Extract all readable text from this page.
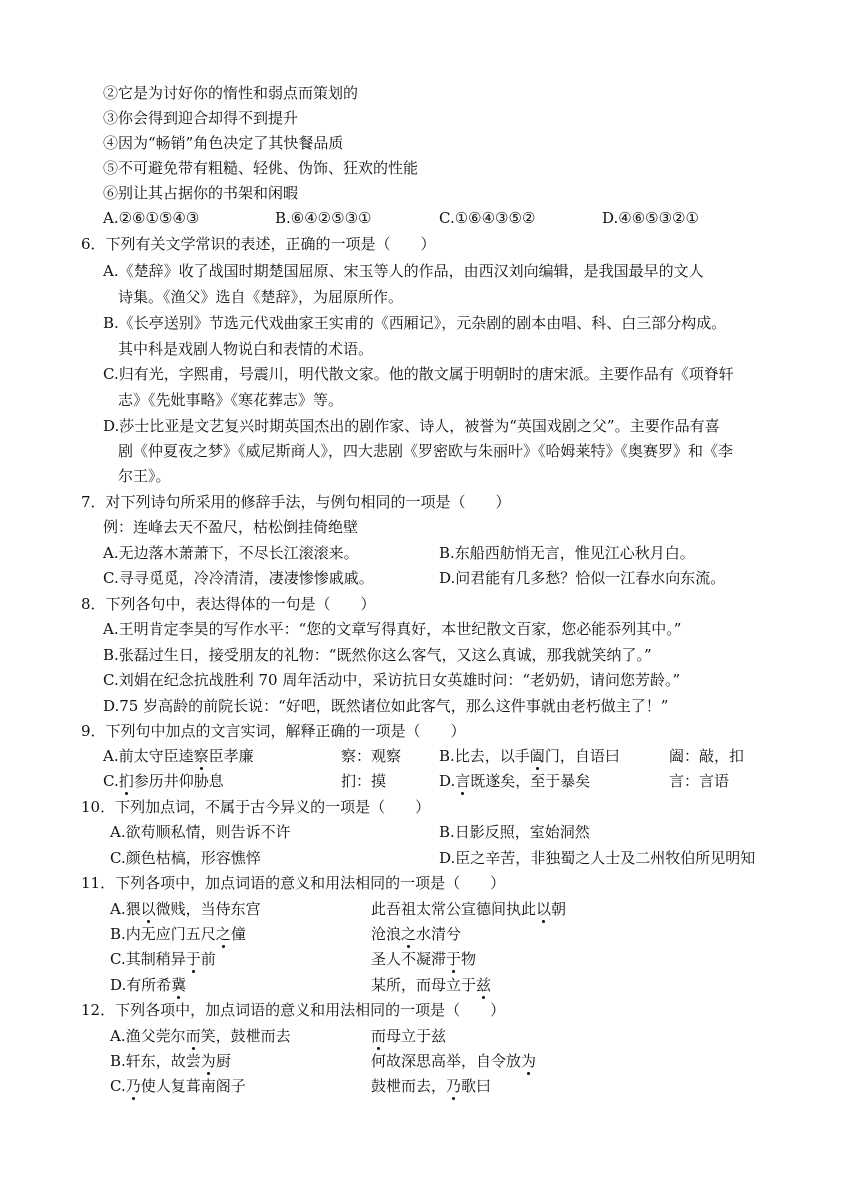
②它是为讨好你的惰性和弱点而策划的
③你会得到迎合却得不到提升
④因为“畅销”角色决定了其快餐品质
⑤不可避免带有粗糙、轻佻、伪饰、狂欢的性能
⑥别让其占据你的书架和闲暇
A.②⑥①⑤④③	B.⑥④②⑤③①	C.①⑥④③⑤②	D.④⑥⑤③②①
6．下列有关文学常识的表述，正确的一项是（　　）
A.《楚辞》收了战国时期楚国屈原、宋玉等人的作品，由西汉刘向编辑，是我国最早的文人
诗集。《渔父》选自《楚辞》，为屈原所作。
B.《长亭送别》节选元代戏曲家王实甫的《西厢记》，元杂剧的剧本由唱、科、白三部分构成。
其中科是戏剧人物说白和表情的术语。
C.归有光，字熙甫，号震川，明代散文家。他的散文属于明朝时的唐宋派。主要作品有《项脊轩
志》《先妣事略》《寒花葬志》等。
D.莎士比亚是文艺复兴时期英国杰出的剧作家、诗人，被誉为“英国戏剧之父”。主要作品有喜
剧《仲夏夜之梦》《威尼斯商人》，四大悲剧《罗密欧与朱丽叶》《哈姆莱特》《奥赛罗》和《李
尔王》。
7．对下列诗句所采用的修辞手法，与例句相同的一项是（　　）
例：连峰去天不盈尺，枯松倒挂倚绝壁
A.无边落木萧萧下，不尽长江滚滚来。	B.东船西舫悄无言，惟见江心秋月白。
C.寻寻觅觅，冷冷清清，凄凄惨惨戚戚。	D.问君能有几多愁？恰似一江春水向东流。
8．下列各句中，表达得体的一句是（　　）
A.王明肯定李昊的写作水平：“您的文章写得真好，本世纪散文百家，您必能忝列其中。”
B.张磊过生日，接受朋友的礼物：“既然你这么客气，又这么真诚，那我就笑纳了。”
C.刘娟在纪念抗战胜利 70 周年活动中，采访抗日女英雄时问：“老奶奶，请问您芳龄。”
D.75 岁高龄的前院长说：“好吧，既然诸位如此客气，那么这件事就由老朽做主了！”
9．下列句中加点的文言实词，解释正确的一项是（　　）
A.前太守臣逵察臣孝廉	察：观察	B.比去，以手阖门，自语曰	阖：敲，扣
C.扪参历井仰胁息	扪：摸	D.言既遂矣，至于暴矣	言：言语
10．下列加点词，不属于古今异义的一项是（　　）
A.欲苟顺私情，则告诉不许	B.日影反照，室始洞然
C.颜色枯槁，形容憔悴	D.臣之辛苦，非独蜀之人士及二州牧伯所见明知
11．下列各项中，加点词语的意义和用法相同的一项是（　　）
A.猥以微贱，当侍东宫	此吾祖太常公宣德间执此以朝
B.内无应门五尺之僮	沧浪之水清兮
C.其制稍异于前	圣人不凝滞于物
D.有所希冀	某所，而母立于兹
12．下列各项中，加点词语的意义和用法相同的一项是（　　）
A.渔父莞尔而笑，鼓枻而去	而母立于兹
B.轩东，故尝为厨	何故深思高举，自令放为
C.乃使人复葺南阁子	鼓枻而去，乃歌曰
